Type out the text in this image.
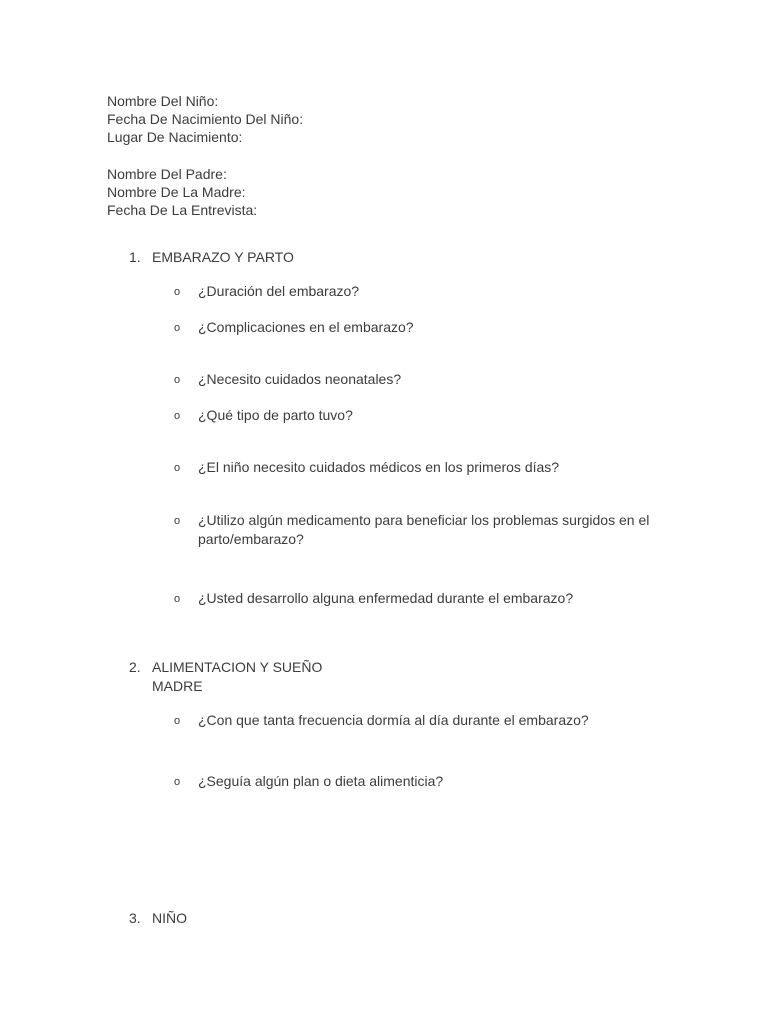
Nombre Del Niño:
Fecha De Nacimiento Del Niño:
Lugar De Nacimiento:
Nombre Del Padre:
Nombre De La Madre:
Fecha De La Entrevista:
1. EMBARAZO Y PARTO
o ¿Duración del embarazo?
o ¿Complicaciones en el embarazo?
o ¿Necesito cuidados neonatales?
o ¿Qué tipo de parto tuvo?
o ¿El niño necesito cuidados médicos en los primeros días?
o ¿Utilizo algún medicamento para beneficiar los problemas surgidos en el parto/embarazo?
o ¿Usted desarrollo alguna enfermedad durante el embarazo?
2. ALIMENTACION Y SUEÑO
MADRE
o ¿Con que tanta frecuencia dormía al día durante el embarazo?
o ¿Seguía algún plan o dieta alimenticia?
3. NIÑO
